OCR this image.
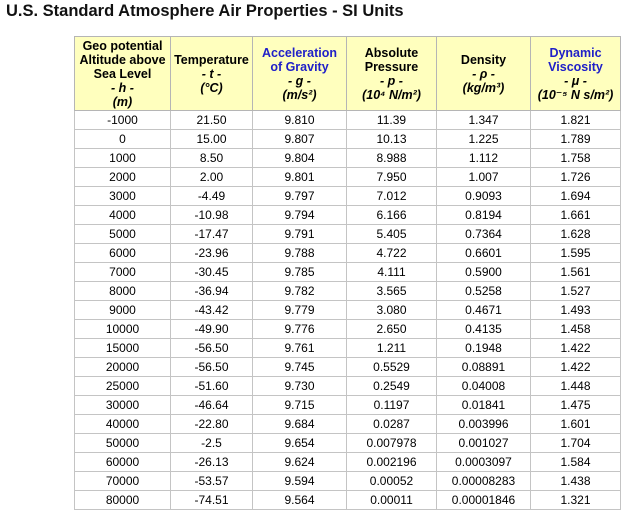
U.S. Standard Atmosphere Air Properties - SI Units
Geo potential Altitude above Sea Level
- h -
(m)	Temperature
- t -
(°C)	Acceleration of Gravity
- g -
(m/s²)	Absolute Pressure
- p -
(10⁴ N/m²)	Density
- ρ -
(kg/m³)	Dynamic Viscosity
- μ -
(10⁻⁵ N s/m²)

-1000	21.50	9.810	11.39	1.347	1.821
0	15.00	9.807	10.13	1.225	1.789
1000	8.50	9.804	8.988	1.112	1.758
2000	2.00	9.801	7.950	1.007	1.726
3000	-4.49	9.797	7.012	0.9093	1.694
4000	-10.98	9.794	6.166	0.8194	1.661
5000	-17.47	9.791	5.405	0.7364	1.628
6000	-23.96	9.788	4.722	0.6601	1.595
7000	-30.45	9.785	4.111	0.5900	1.561
8000	-36.94	9.782	3.565	0.5258	1.527
9000	-43.42	9.779	3.080	0.4671	1.493
10000	-49.90	9.776	2.650	0.4135	1.458
15000	-56.50	9.761	1.211	0.1948	1.422
20000	-56.50	9.745	0.5529	0.08891	1.422
25000	-51.60	9.730	0.2549	0.04008	1.448
30000	-46.64	9.715	0.1197	0.01841	1.475
40000	-22.80	9.684	0.0287	0.003996	1.601
50000	-2.5	9.654	0.007978	0.001027	1.704
60000	-26.13	9.624	0.002196	0.0003097	1.584
70000	-53.57	9.594	0.00052	0.00008283	1.438
80000	-74.51	9.564	0.00011	0.00001846	1.321
